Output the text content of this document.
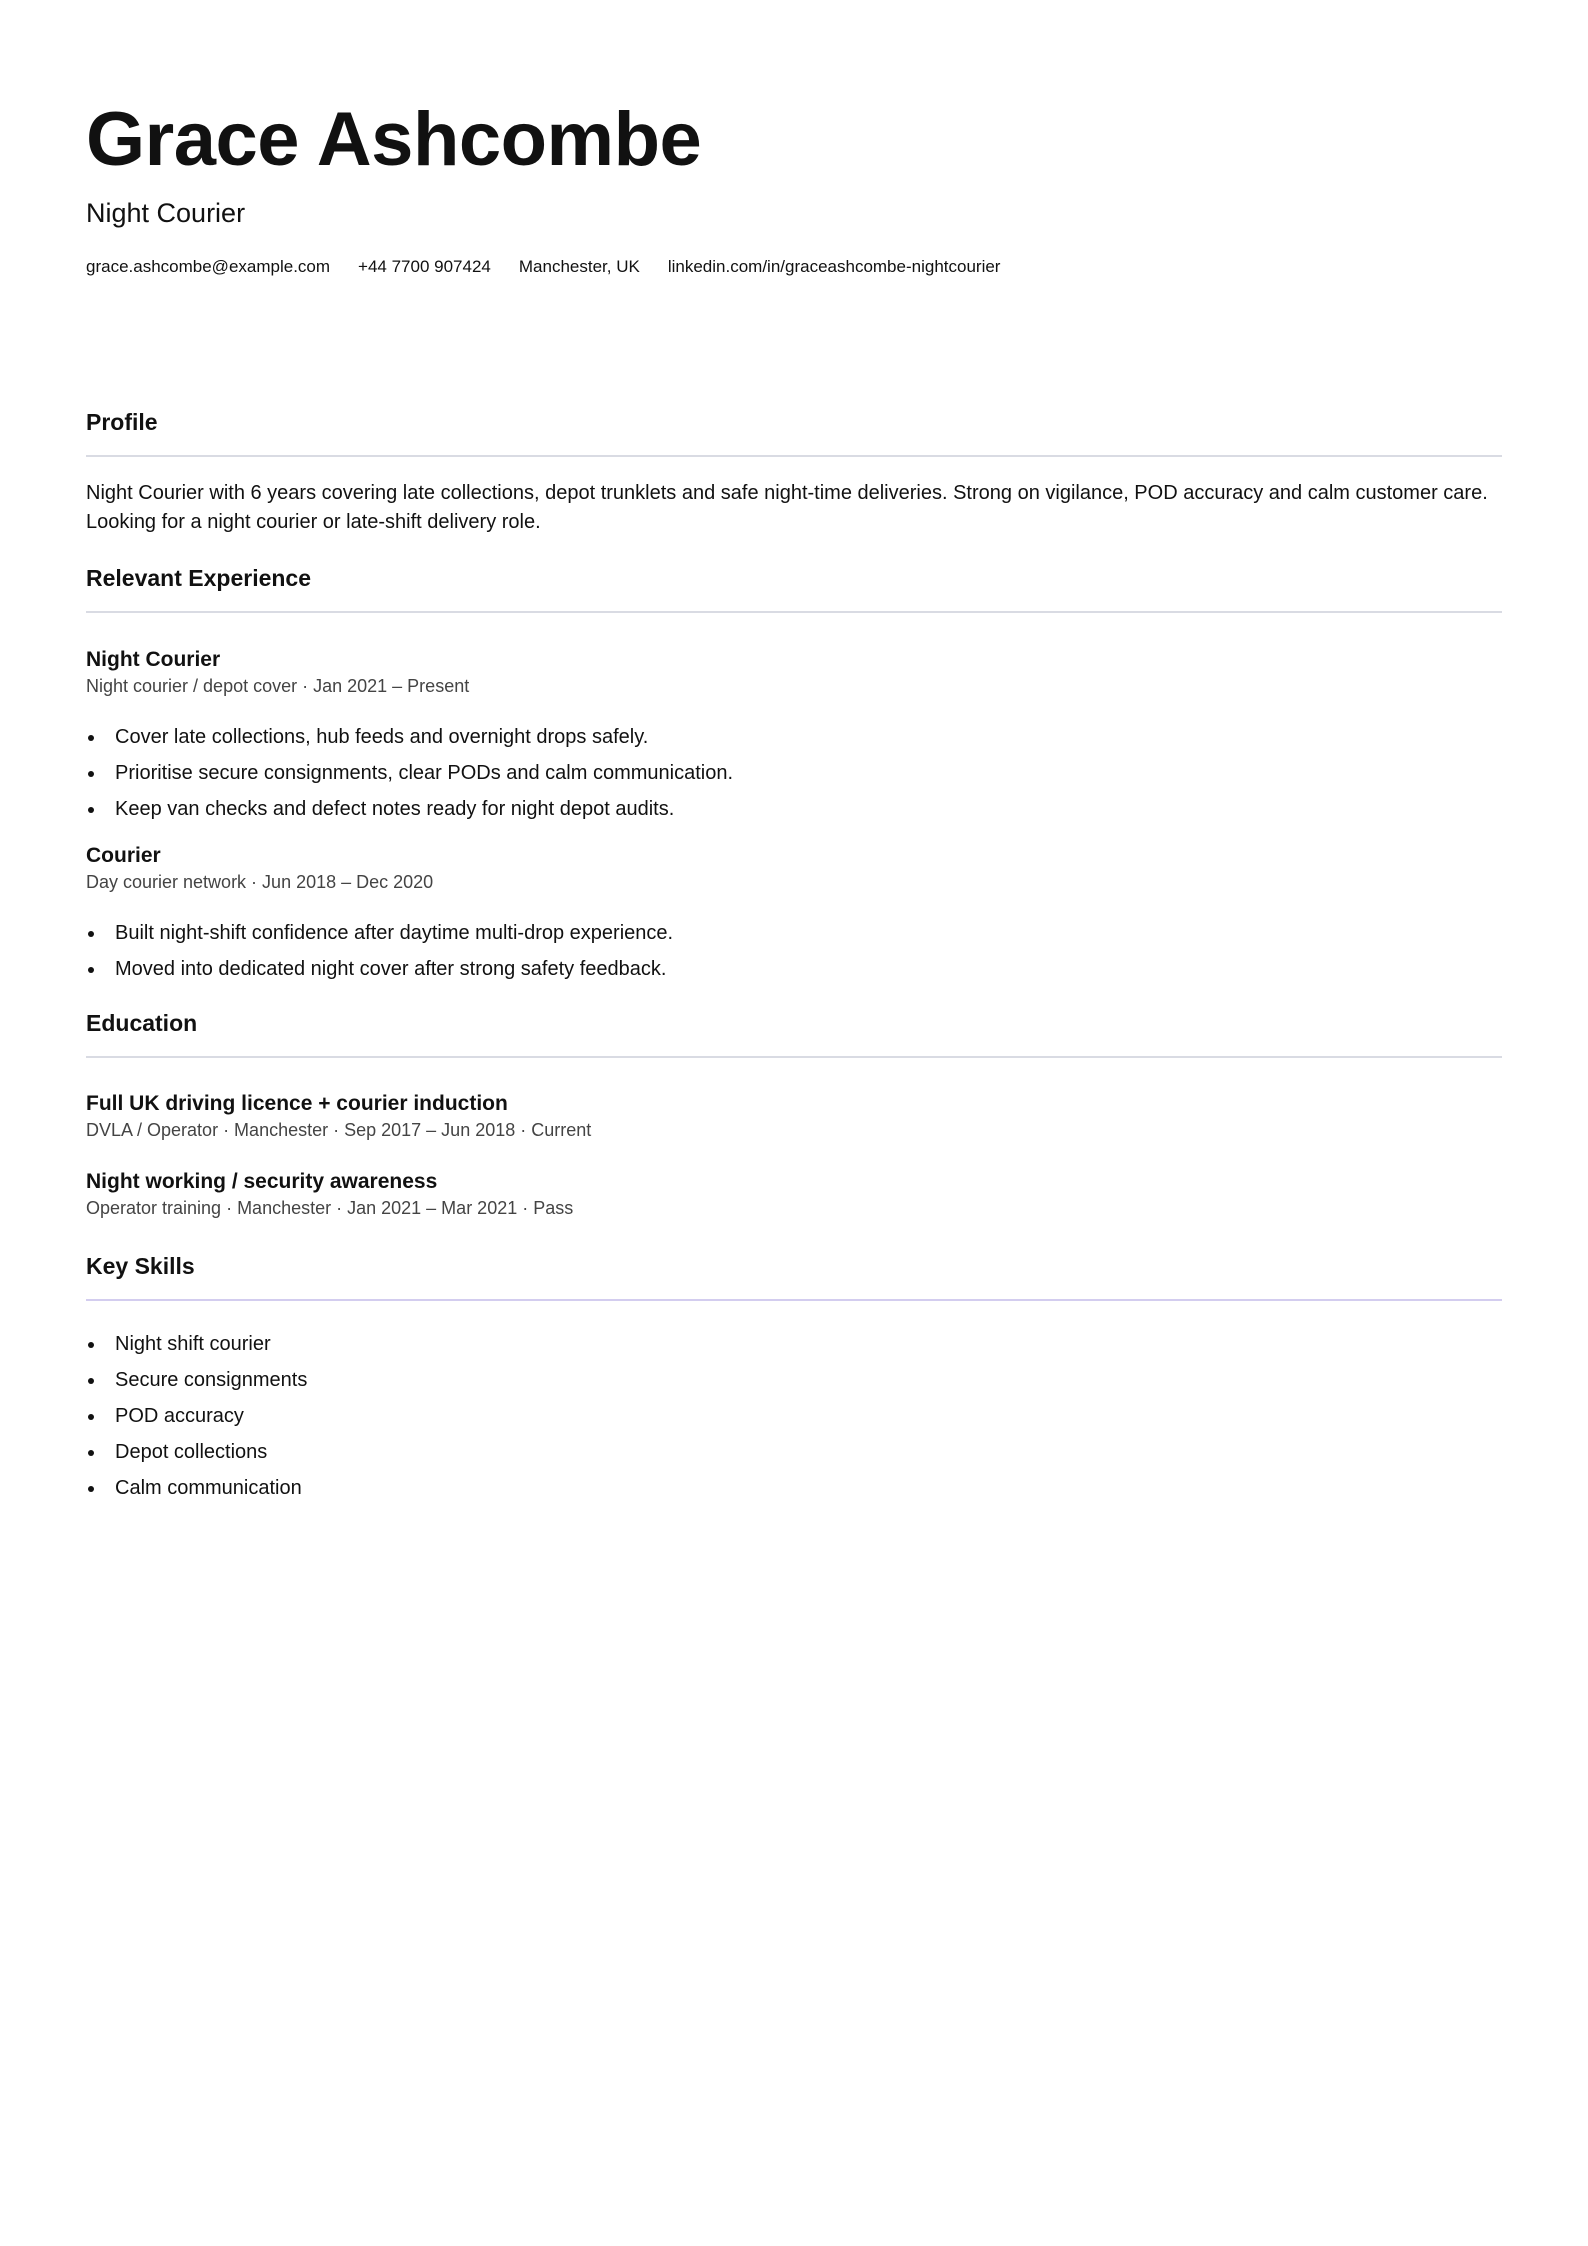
Grace Ashcombe
Night Courier
grace.ashcombe@example.com +44 7700 907424 Manchester, UK linkedin.com/in/graceashcombe-nightcourier
Profile

Night Courier with 6 years covering late collections, depot trunklets and safe night-time deliveries. Strong on vigilance, POD accuracy and calm customer care. Looking for a night courier or late-shift delivery role.

Relevant Experience
Night Courier
Night courier / depot cover · Jan 2021 – Present
Cover late collections, hub feeds and overnight drops safely.
Prioritise secure consignments, clear PODs and calm communication.
Keep van checks and defect notes ready for night depot audits.
Courier
Day courier network · Jun 2018 – Dec 2020
Built night-shift confidence after daytime multi-drop experience.
Moved into dedicated night cover after strong safety feedback.
Education
Full UK driving licence + courier induction
DVLA / Operator · Manchester · Sep 2017 – Jun 2018 · Current
Night working / security awareness
Operator training · Manchester · Jan 2021 – Mar 2021 · Pass
Key Skills
Night shift courier
Secure consignments
POD accuracy
Depot collections
Calm communication
